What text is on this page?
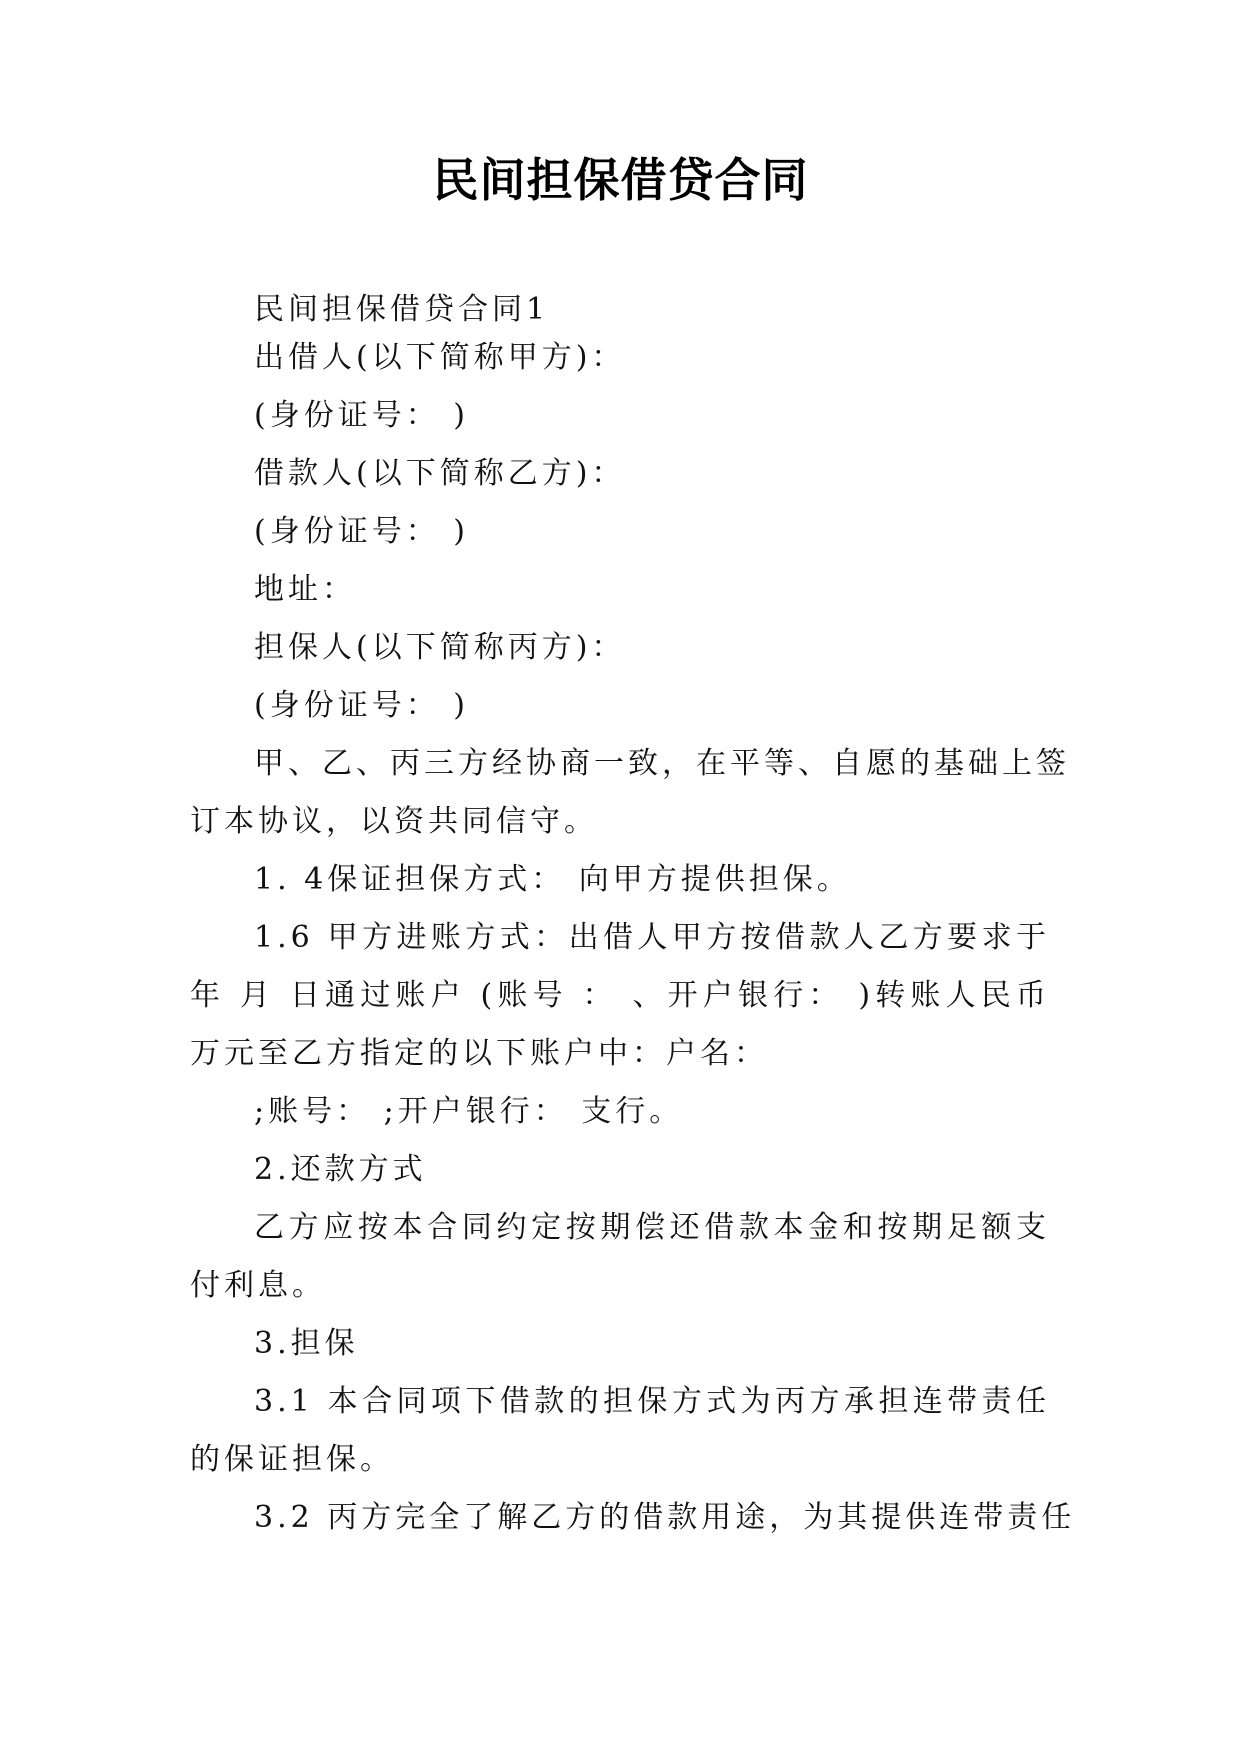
民间担保借贷合同

民间担保借贷合同1

出借人(以下简称甲方)：

(身份证号： )

借款人(以下简称乙方)：

(身份证号： )

地址：

担保人(以下简称丙方)：

(身份证号： )

甲、乙、丙三方经协商一致，在平等、自愿的基础上签

订本协议，以资共同信守。

1. 4保证担保方式： 向甲方提供担保。

1.6 甲方进账方式：出借人甲方按借款人乙方要求于

年 月 日通过账户 (账号 ： 、开户银行： )转账人民币

万元至乙方指定的以下账户中：户名：

;账号： ;开户银行： 支行。

2.还款方式

乙方应按本合同约定按期偿还借款本金和按期足额支

付利息。

3.担保

3.1 本合同项下借款的担保方式为丙方承担连带责任

的保证担保。

3.2 丙方完全了解乙方的借款用途，为其提供连带责任
